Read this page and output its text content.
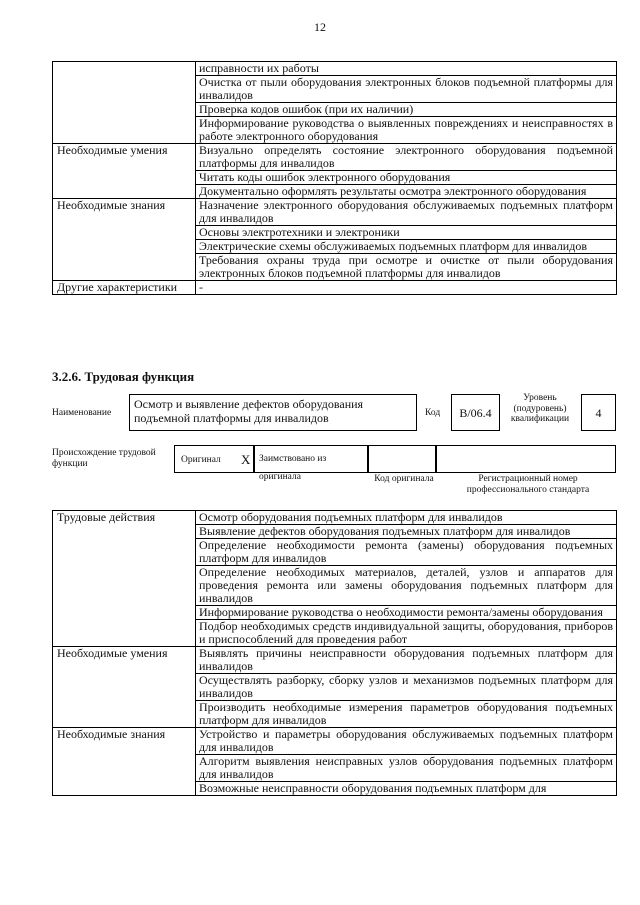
12
	исправности их работы
	Очистка от пыли оборудования электронных блоков подъемной платформы для инвалидов
	Проверка кодов ошибок (при их наличии)
	Информирование руководства о выявленных повреждениях и неисправностях в работе электронного оборудования
Необходимые умения	Визуально определять состояние электронного оборудования подъемной платформы для инвалидов
	Читать коды ошибок электронного оборудования
	Документально оформлять результаты осмотра электронного оборудования
Необходимые знания	Назначение электронного оборудования обслуживаемых подъемных платформ для инвалидов
	Основы электротехники и электроники
	Электрические схемы обслуживаемых подъемных платформ для инвалидов
	Требования охраны труда при осмотре и очистке от пыли оборудования электронных блоков подъемной платформы для инвалидов
Другие характеристики	-
3.2.6. Трудовая функция
Наименование
Осмотр и выявление дефектов оборудования подъемной платформы для инвалидов	Код	B/06.4
Уровень (подуровень) квалификации	4
Происхождение трудовой функции	Оригинал X Заимствовано из оригинала	Код оригинала	Регистрационный номер профессионального стандарта
Трудовые действия	Осмотр оборудования подъемных платформ для инвалидов
	Выявление дефектов оборудования подъемных платформ для инвалидов
	Определение необходимости ремонта (замены) оборудования подъемных платформ для инвалидов
	Определение необходимых материалов, деталей, узлов и аппаратов для проведения ремонта или замены оборудования подъемных платформ для инвалидов
	Информирование руководства о необходимости ремонта/замены оборудования
	Подбор необходимых средств индивидуальной защиты, оборудования, приборов и приспособлений для проведения работ
Необходимые умения	Выявлять причины неисправности оборудования подъемных платформ для инвалидов
	Осуществлять разборку, сборку узлов и механизмов подъемных платформ для инвалидов
	Производить необходимые измерения параметров оборудования подъемных платформ для инвалидов
Необходимые знания	Устройство и параметры оборудования обслуживаемых подъемных платформ для инвалидов
	Алгоритм выявления неисправных узлов оборудования подъемных платформ для инвалидов
	Возможные неисправности оборудования подъемных платформ для
